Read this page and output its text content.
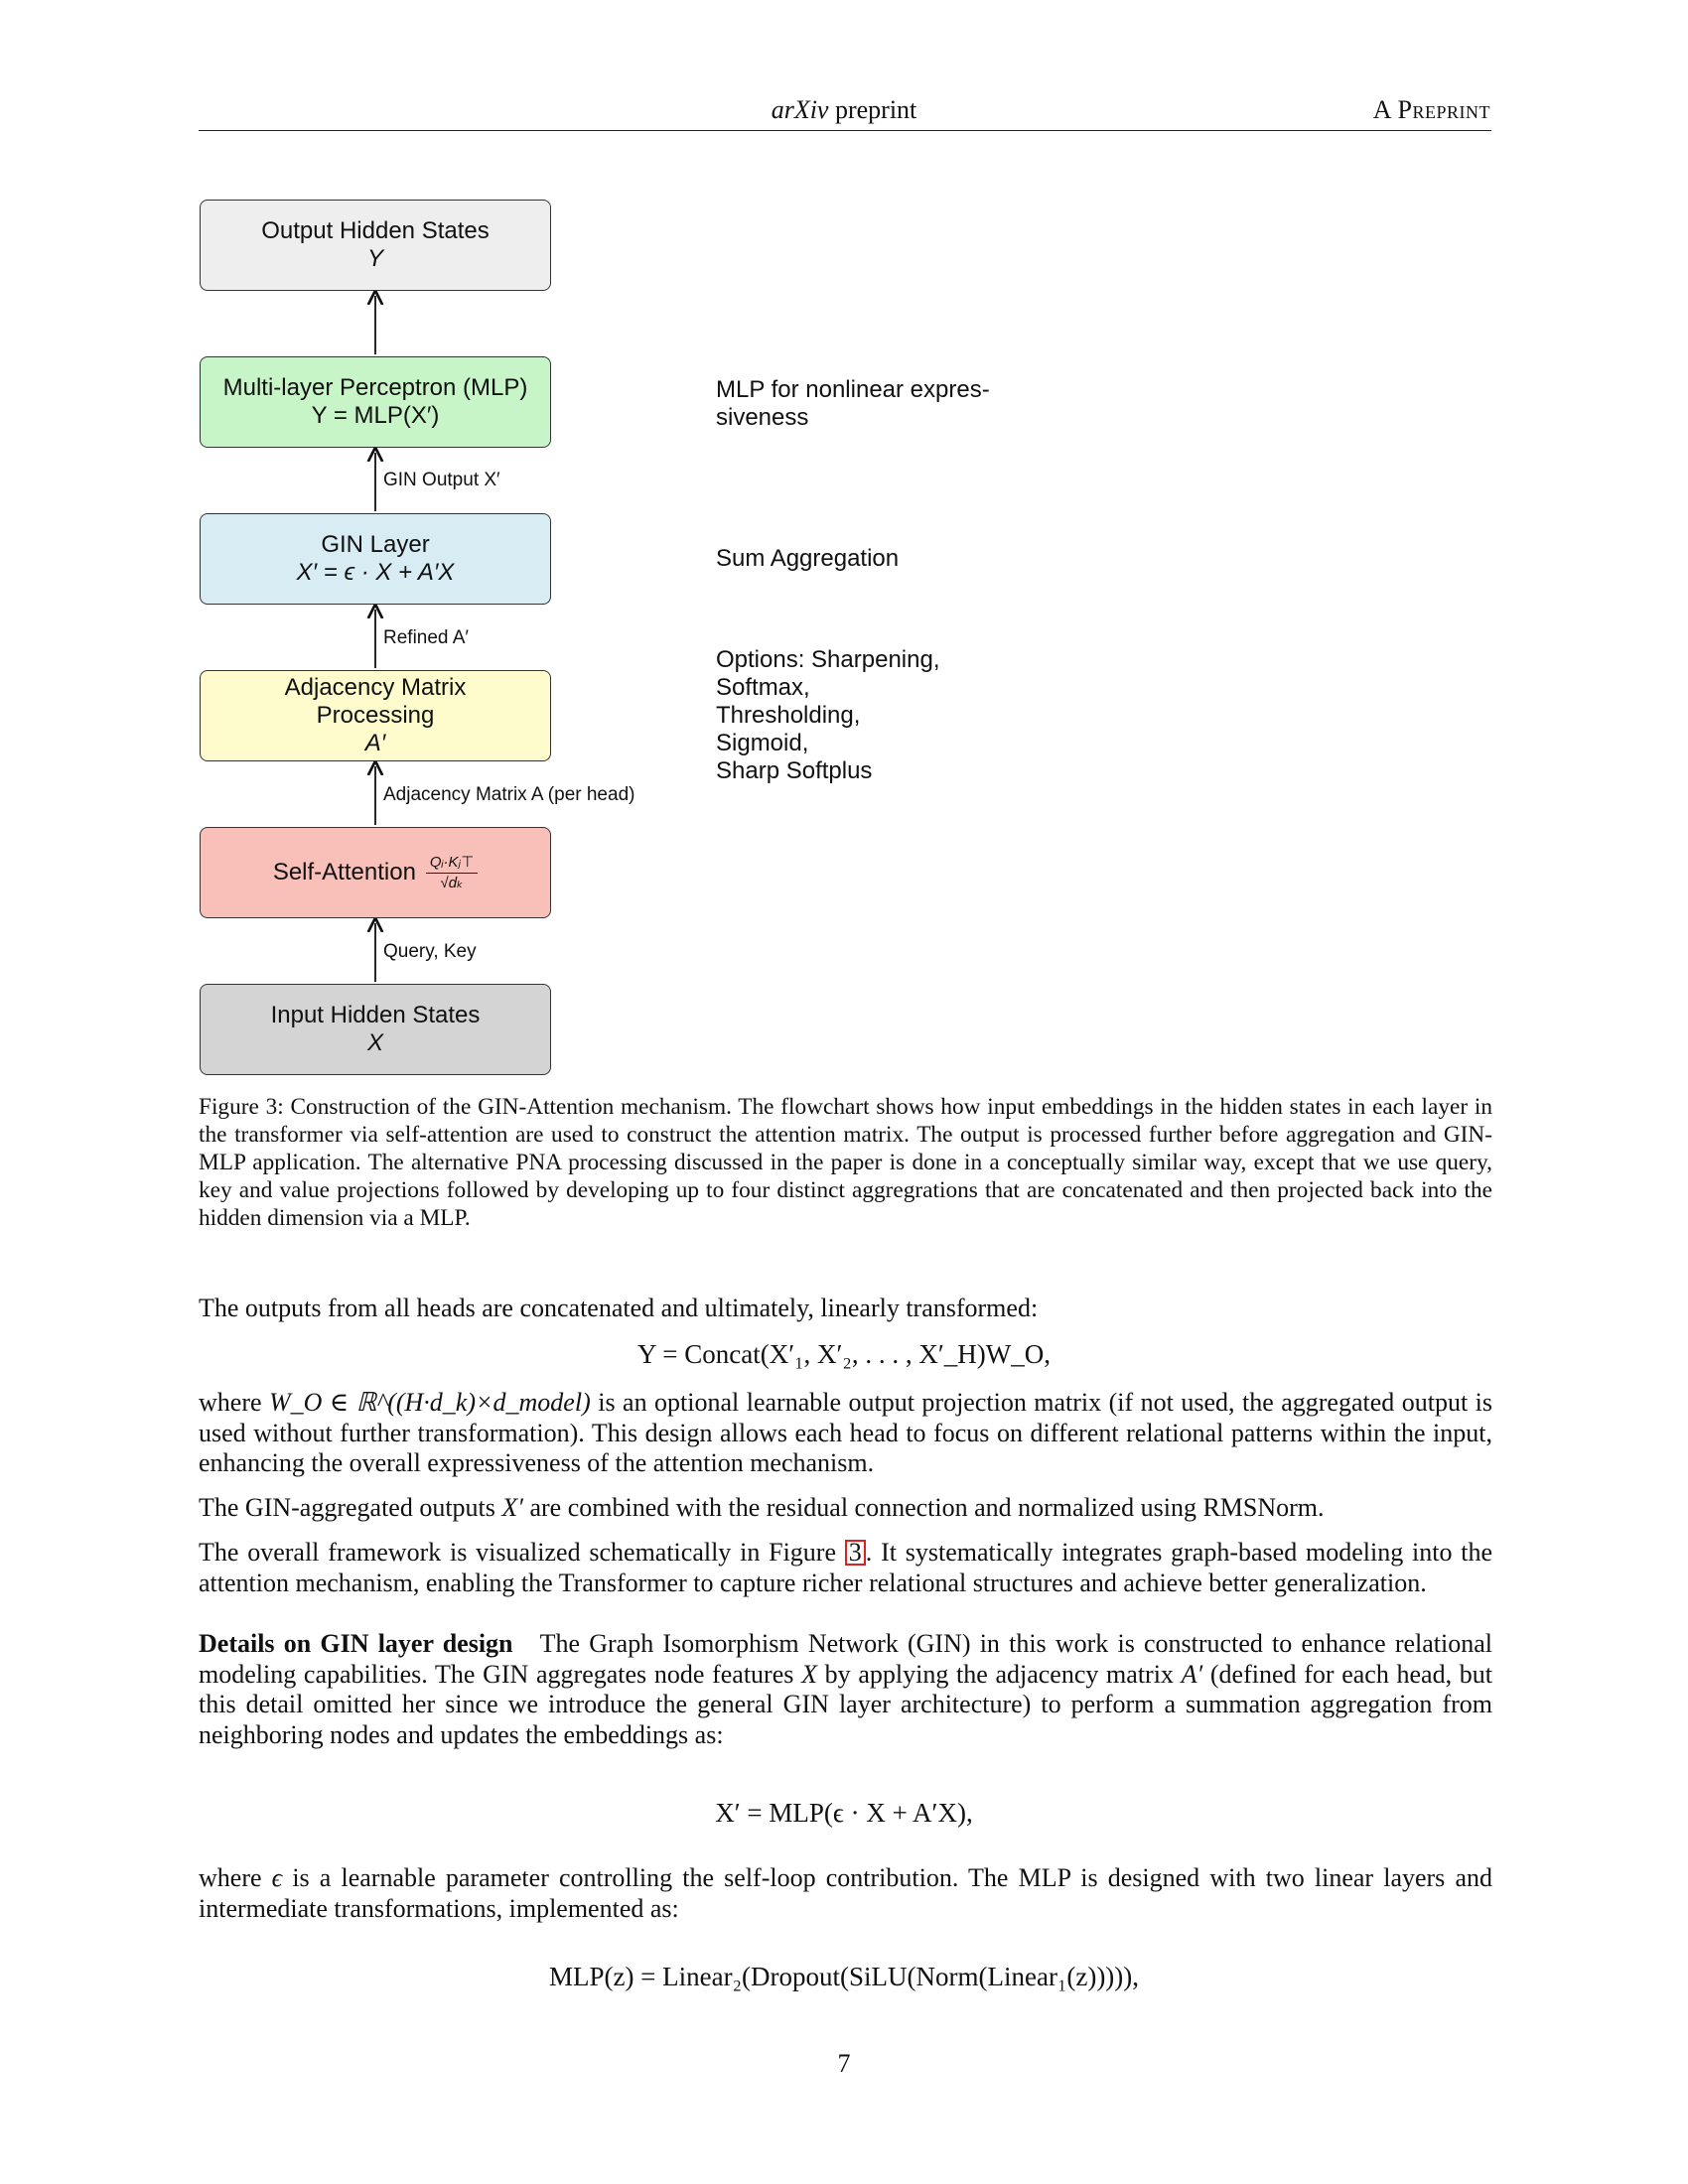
arXiv preprint	A Preprint
Output Hidden States
Y
Multi-layer Perceptron (MLP)
Y = MLP(X′)
GIN Layer
X′ = ϵ · X + A′X
Adjacency Matrix
Processing
A′
Self-Attention $\frac{\text{Qᵢ·Kⱼ⊤}}{\text{√dₖ}}$
Input Hidden States
X
GIN Output X′
Refined A′
Adjacency Matrix A (per head)
Query, Key
MLP for nonlinear expres-
siveness
Sum Aggregation
Options: Sharpening,
Softmax,
Thresholding,
Sigmoid,
Sharp Softplus
Figure 3: Construction of the GIN-Attention mechanism. The flowchart shows how input embeddings in the hidden states in each layer in the transformer via self-attention are used to construct the attention matrix. The output is processed further before aggregation and GIN-MLP application. The alternative PNA processing discussed in the paper is done in a conceptually similar way, except that we use query, key and value projections followed by developing up to four distinct aggregrations that are concatenated and then projected back into the hidden dimension via a MLP.
The outputs from all heads are concatenated and ultimately, linearly transformed:
Y = Concat(X′₁, X′₂, . . . , X′_H)W_O,
where W_O ∈ ℝ^((H·d_k)×d_model) is an optional learnable output projection matrix (if not used, the aggregated output is used without further transformation). This design allows each head to focus on different relational patterns within the input, enhancing the overall expressiveness of the attention mechanism.
The GIN-aggregated outputs X′ are combined with the residual connection and normalized using RMSNorm.
The overall framework is visualized schematically in Figure 3 . It systematically integrates graph-based modeling into the attention mechanism, enabling the Transformer to capture richer relational structures and achieve better generalization.
Details on GIN layer design The Graph Isomorphism Network (GIN) in this work is constructed to enhance relational modeling capabilities. The GIN aggregates node features X by applying the adjacency matrix A′ (defined for each head, but this detail omitted her since we introduce the general GIN layer architecture) to perform a summation aggregation from neighboring nodes and updates the embeddings as:
X′ = MLP(ϵ · X + A′X),
where ϵ is a learnable parameter controlling the self-loop contribution. The MLP is designed with two linear layers and intermediate transformations, implemented as:
MLP(z) = Linear₂(Dropout(SiLU(Norm(Linear₁(z))))),
7
